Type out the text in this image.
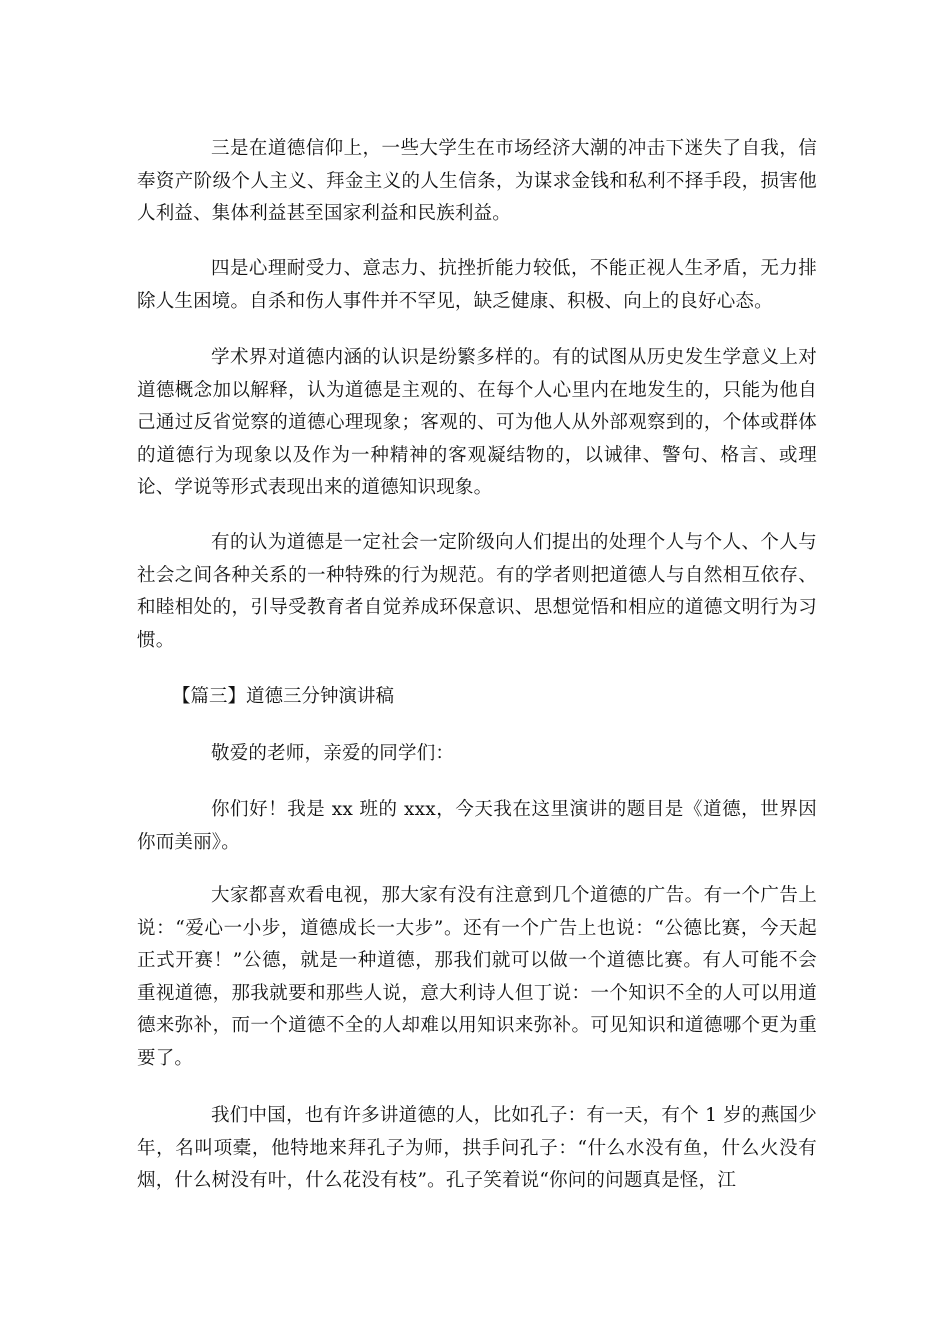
三是在道德信仰上，一些大学生在市场经济大潮的冲击下迷失了自我，信奉资产阶级个人主义、拜金主义的人生信条，为谋求金钱和私利不择手段，损害他人利益、集体利益甚至国家利益和民族利益。

四是心理耐受力、意志力、抗挫折能力较低，不能正视人生矛盾，无力排除人生困境。自杀和伤人事件并不罕见，缺乏健康、积极、向上的良好心态。

学术界对道德内涵的认识是纷繁多样的。有的试图从历史发生学意义上对道德概念加以解释，认为道德是主观的、在每个人心里内在地发生的，只能为他自己通过反省觉察的道德心理现象；客观的、可为他人从外部观察到的，个体或群体的道德行为现象以及作为一种精神的客观凝结物的，以诫律、警句、格言、或理论、学说等形式表现出来的道德知识现象。

有的认为道德是一定社会一定阶级向人们提出的处理个人与个人、个人与社会之间各种关系的一种特殊的行为规范。有的学者则把道德人与自然相互依存、和睦相处的，引导受教育者自觉养成环保意识、思想觉悟和相应的道德文明行为习惯。

【篇三】道德三分钟演讲稿

敬爱的老师，亲爱的同学们：

你们好！我是 xx 班的 xxx，今天我在这里演讲的题目是《道德，世界因你而美丽》。

大家都喜欢看电视，那大家有没有注意到几个道德的广告。有一个广告上说：“爱心一小步，道德成长一大步”。还有一个广告上也说：“公德比赛，今天起正式开赛！”公德，就是一种道德，那我们就可以做一个道德比赛。有人可能不会重视道德，那我就要和那些人说，意大利诗人但丁说：一个知识不全的人可以用道德来弥补，而一个道德不全的人却难以用知识来弥补。可见知识和道德哪个更为重要了。

我们中国，也有许多讲道德的人，比如孔子：有一天，有个 1 岁的燕国少年，名叫项橐，他特地来拜孔子为师，拱手问孔子：“什么水没有鱼，什么火没有烟，什么树没有叶，什么花没有枝”。孔子笑着说“你问的问题真是怪，江
